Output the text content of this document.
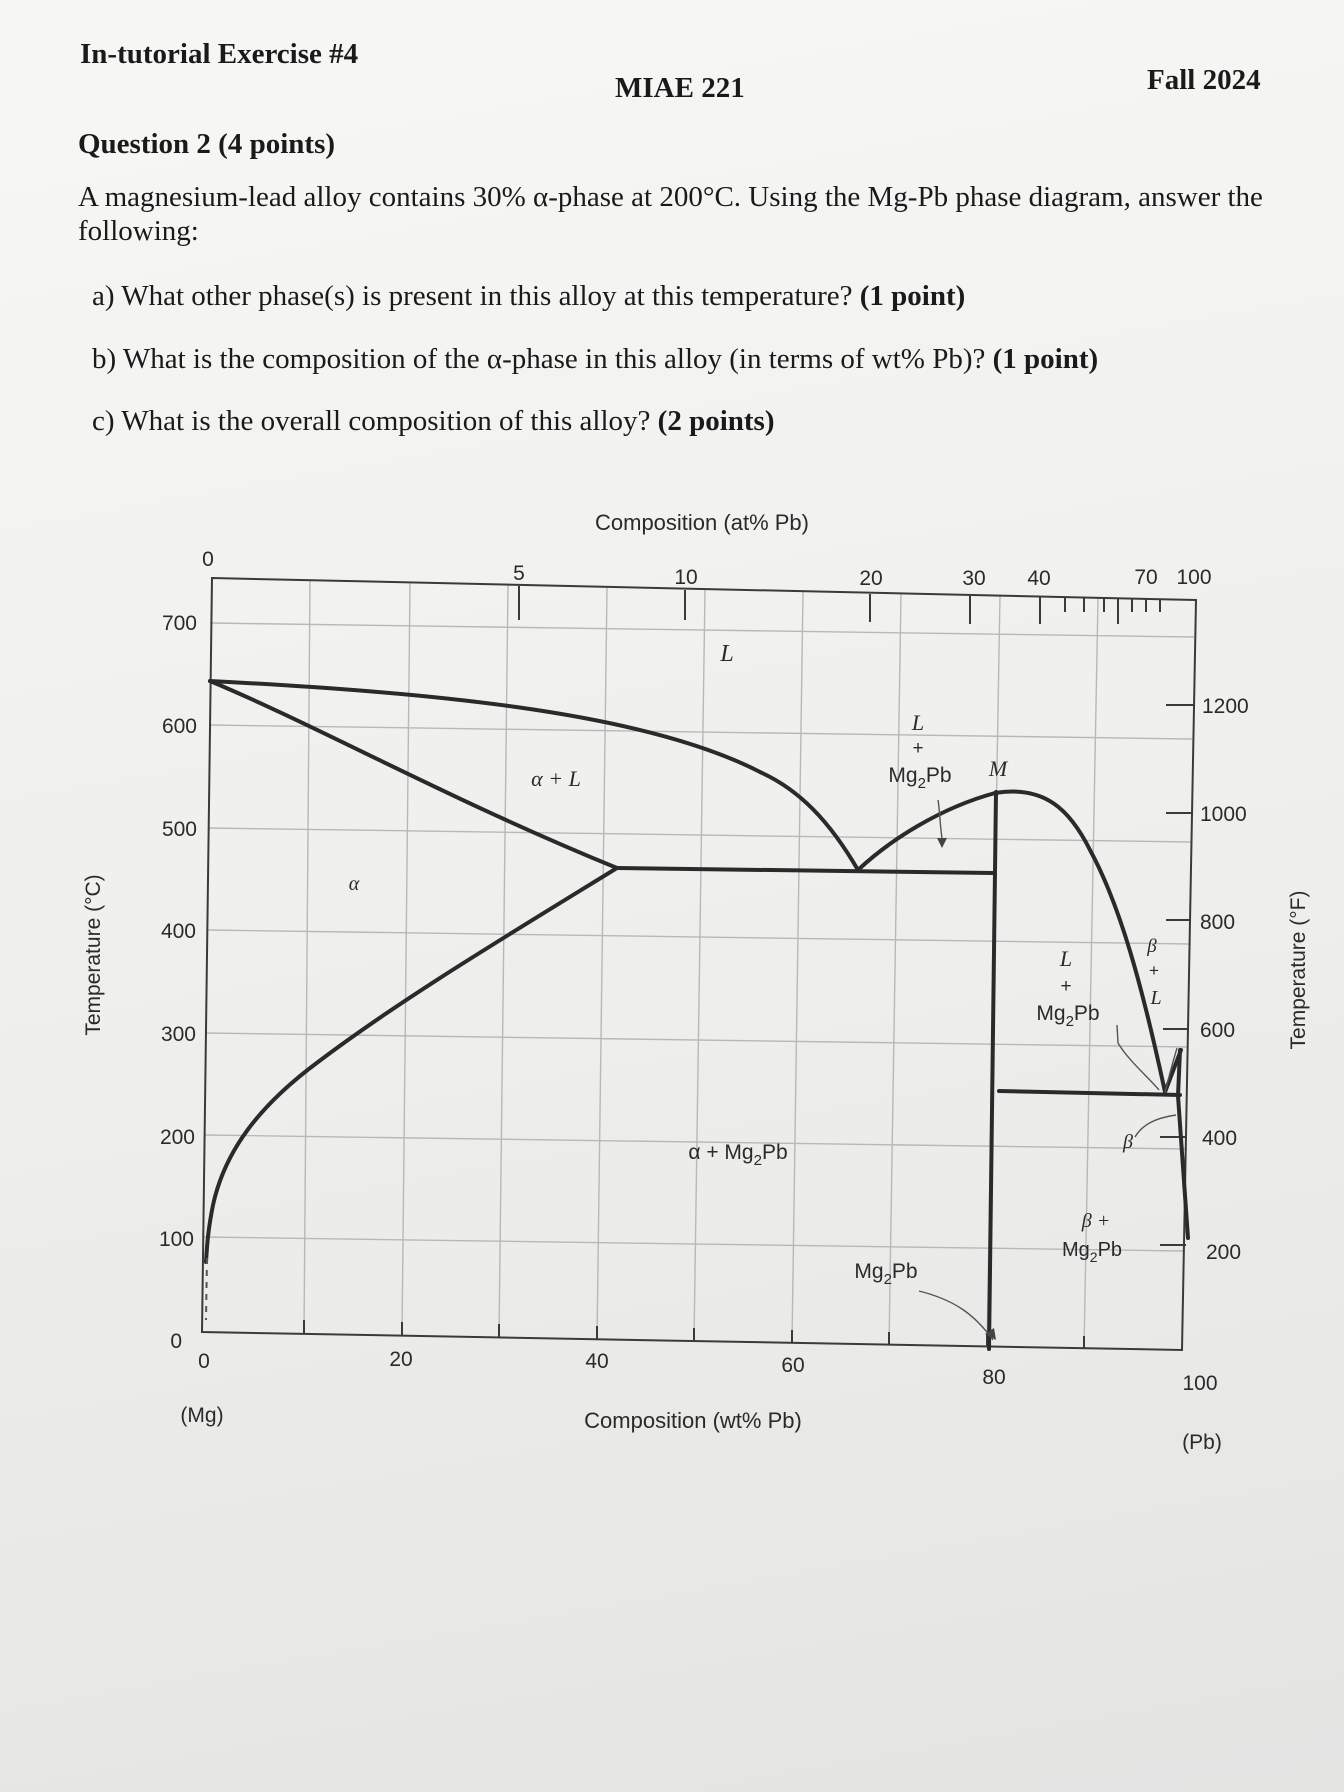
In-tutorial Exercise #4
MIAE 221	Fall 2024
Question 2 (4 points)
A magnesium-lead alloy contains 30% α-phase at 200°C. Using the Mg-Pb phase diagram, answer the following:
a) What other phase(s) is present in this alloy at this temperature? (1 point)
b) What is the composition of the α-phase in this alloy (in terms of wt% Pb)? (1 point)
c) What is the overall composition of this alloy? (2 points)
700
600
500
400
300
200
100
0
Temperature (°C)
0	20	40	60
80	100
(Mg)
(Pb)
Composition (wt% Pb)
Composition (at% Pb)
0
5	10	20	30 40	70 100
1200
1000
800
600
400
200
Temperature (°F)
L
α + L
α
$\alpha + Mg_2Pb$
L
+
$Mg_2Pb$ M
L
+
$Mg_2Pb$
β
+
L
β
β +
$Mg_2Pb$
$Mg_2Pb$
